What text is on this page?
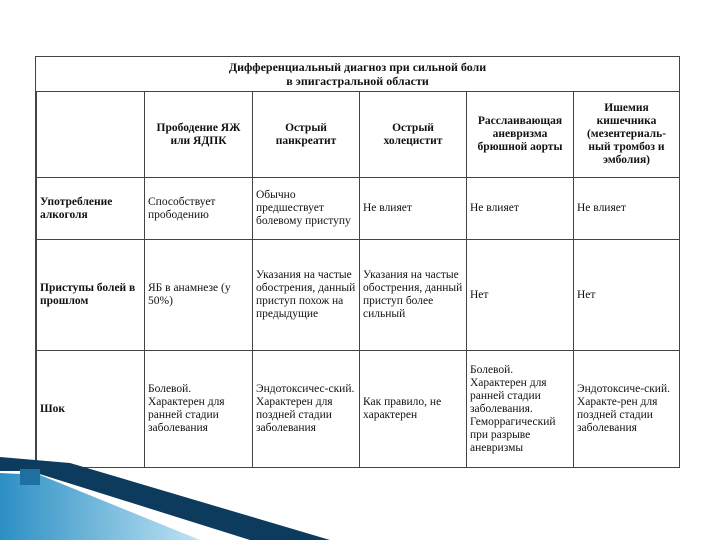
Дифференциальный диагноз при сильной боли
в эпигастральной области
	Прободение ЯЖ или ЯДПК	Острый панкреатит	Острый холецистит	Расслаивающая аневризма брюшной аорты	Ишемия кишечника (мезентериаль-ный тромбоз и эмболия)
Употребление алкоголя	Способствует прободению	Обычно предшествует болевому приступу	Не влияет	Не влияет	Не влияет
Приступы болей в прошлом	ЯБ в анамнезе (у 50%)	Указания на частые обострения, данный приступ похож на предыдущие	Указания на частые обострения, данный приступ более сильный	Нет	Нет
Шок	Болевой. Характерен для ранней стадии заболевания	Эндотоксичес-ский. Характерен для поздней стадии заболевания	Как правило, не характерен	Болевой. Характерен для ранней стадии заболевания. Геморрагический при разрыве аневризмы	Эндотоксиче-ский. Характе-рен для поздней стадии заболевания
